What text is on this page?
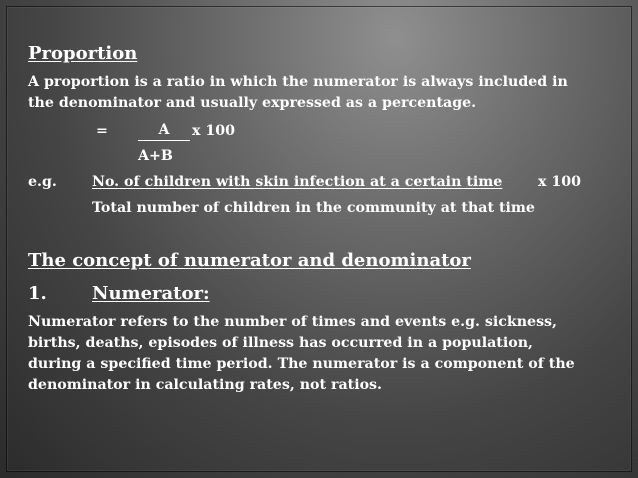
Proportion
A proportion is a ratio in which the numerator is always included in
the denominator and usually expressed as a percentage.
=	A	x 100
A+B
e.g. No. of children with skin infection at a certain time	x 100
Total number of children in the community at that time
The concept of numerator and denominator
1.	Numerator:
Numerator refers to the number of times and events e.g. sickness,
births, deaths, episodes of illness has occurred in a population,
during a specified time period. The numerator is a component of the
denominator in calculating rates, not ratios.
